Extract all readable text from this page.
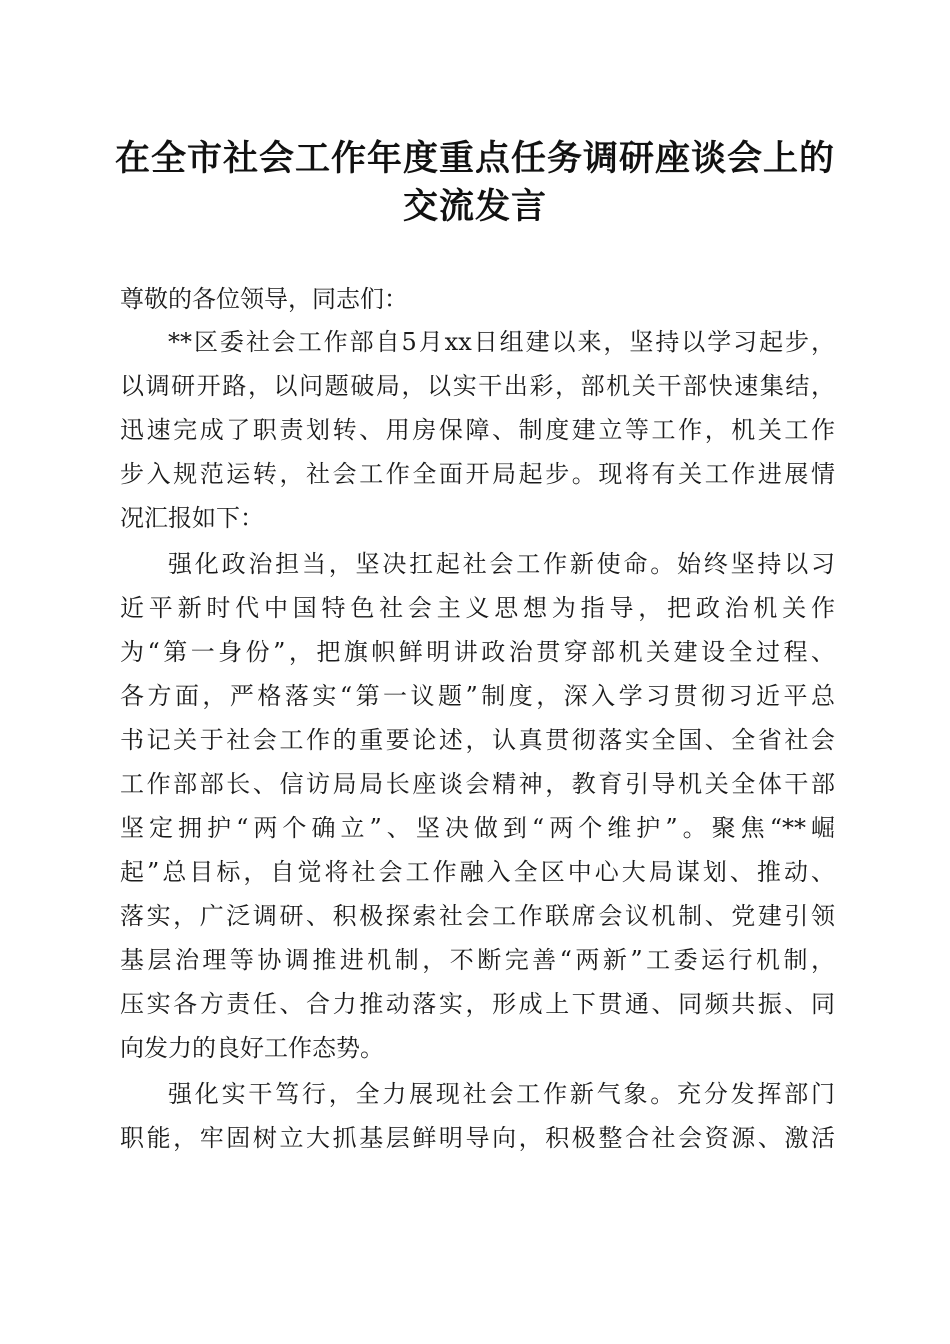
在全市社会工作年度重点任务调研座谈会上的
交流发言
尊敬的各位领导，同志们：
**区委社会工作部自5月xx日组建以来，坚持以学习起步，
以调研开路，以问题破局，以实干出彩，部机关干部快速集结，
迅速完成了职责划转、用房保障、制度建立等工作，机关工作
步入规范运转，社会工作全面开局起步。现将有关工作进展情
况汇报如下：
强化政治担当，坚决扛起社会工作新使命。始终坚持以习
近平新时代中国特色社会主义思想为指导，把政治机关作
为“第一身份”，把旗帜鲜明讲政治贯穿部机关建设全过程、
各方面，严格落实“第一议题”制度，深入学习贯彻习近平总
书记关于社会工作的重要论述，认真贯彻落实全国、全省社会
工作部部长、信访局局长座谈会精神，教育引导机关全体干部
坚定拥护“两个确立”、坚决做到“两个维护”。聚焦“**崛
起”总目标，自觉将社会工作融入全区中心大局谋划、推动、
落实，广泛调研、积极探索社会工作联席会议机制、党建引领
基层治理等协调推进机制，不断完善“两新”工委运行机制，
压实各方责任、合力推动落实，形成上下贯通、同频共振、同
向发力的良好工作态势。
强化实干笃行，全力展现社会工作新气象。充分发挥部门
职能，牢固树立大抓基层鲜明导向，积极整合社会资源、激活
